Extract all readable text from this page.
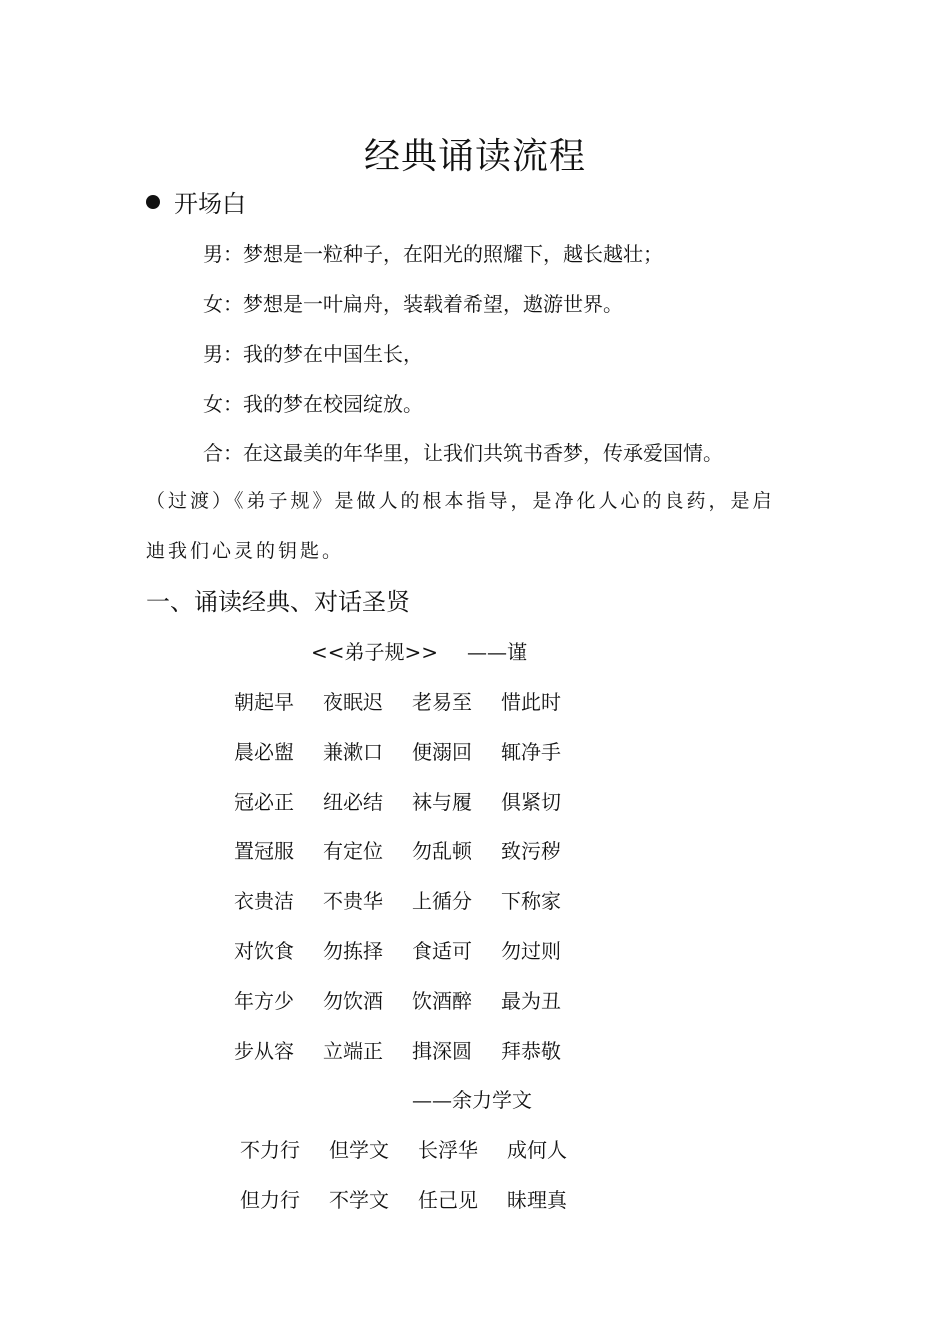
经典诵读流程
开场白
男：梦想是一粒种子，在阳光的照耀下，越长越壮；
女：梦想是一叶扁舟，装载着希望，遨游世界。
男：我的梦在中国生长，
女：我的梦在校园绽放。
合：在这最美的年华里，让我们共筑书香梦，传承爱国情。
（过渡）《弟子规》是做人的根本指导，是净化人心的良药，是启
迪我们心灵的钥匙。
一、诵读经典、对话圣贤
<<弟子规>> ——谨
朝起早	夜眠迟	老易至	惜此时
晨必盥	兼漱口	便溺回	辄净手
冠必正	纽必结	袜与履	俱紧切
置冠服	有定位	勿乱顿	致污秽
衣贵洁	不贵华	上循分	下称家
对饮食	勿拣择	食适可	勿过则
年方少	勿饮酒	饮酒醉	最为丑
步从容	立端正	揖深圆	拜恭敬
——余力学文
不力行	但学文	长浮华	成何人
但力行	不学文	任己见	昧理真
